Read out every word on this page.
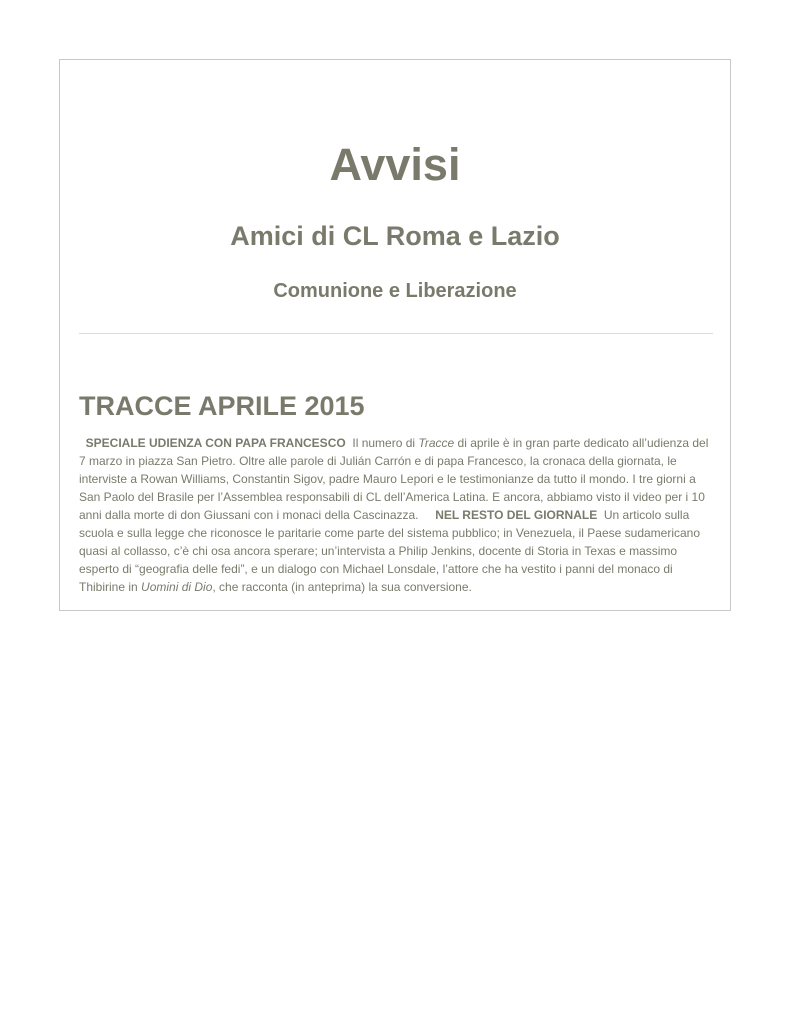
Avvisi
Amici di CL Roma e Lazio
Comunione e Liberazione
TRACCE APRILE 2015

SPECIALE UDIENZA CON PAPA FRANCESCO  Il numero di Tracce di aprile è in gran parte dedicato all’udienza del 7 marzo in piazza San Pietro. Oltre alle parole di Julián Carrón e di papa Francesco, la cronaca della giornata, le interviste a Rowan Williams, Constantin Sigov, padre Mauro Lepori e le testimonianze da tutto il mondo. I tre giorni a San Paolo del Brasile per l’Assemblea responsabili di CL dell’America Latina. E ancora, abbiamo visto il video per i 10 anni dalla morte di don Giussani con i monaci della Cascinazza.     NEL RESTO DEL GIORNALE  Un articolo sulla scuola e sulla legge che riconosce le paritarie come parte del sistema pubblico; in Venezuela, il Paese sudamericano quasi al collasso, c’è chi osa ancora sperare; un’intervista a Philip Jenkins, docente di Storia in Texas e massimo esperto di “geografia delle fedi”, e un dialogo con Michael Lonsdale, l’attore che ha vestito i panni del monaco di Thibirine in Uomini di Dio, che racconta (in anteprima) la sua conversione.
